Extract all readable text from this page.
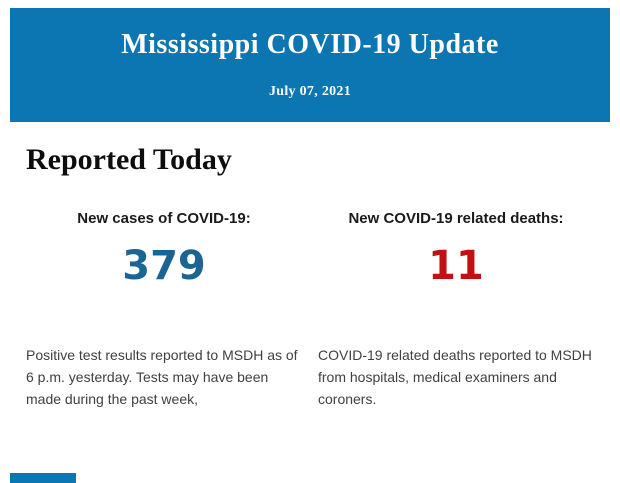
Mississippi COVID-19 Update
July 07, 2021
Reported Today
New cases of COVID-19:
379
Positive test results reported to MSDH as of 6 p.m. yesterday. Tests may have been made during the past week,
New COVID-19 related deaths:
11
COVID-19 related deaths reported to MSDH from hospitals, medical examiners and coroners.
